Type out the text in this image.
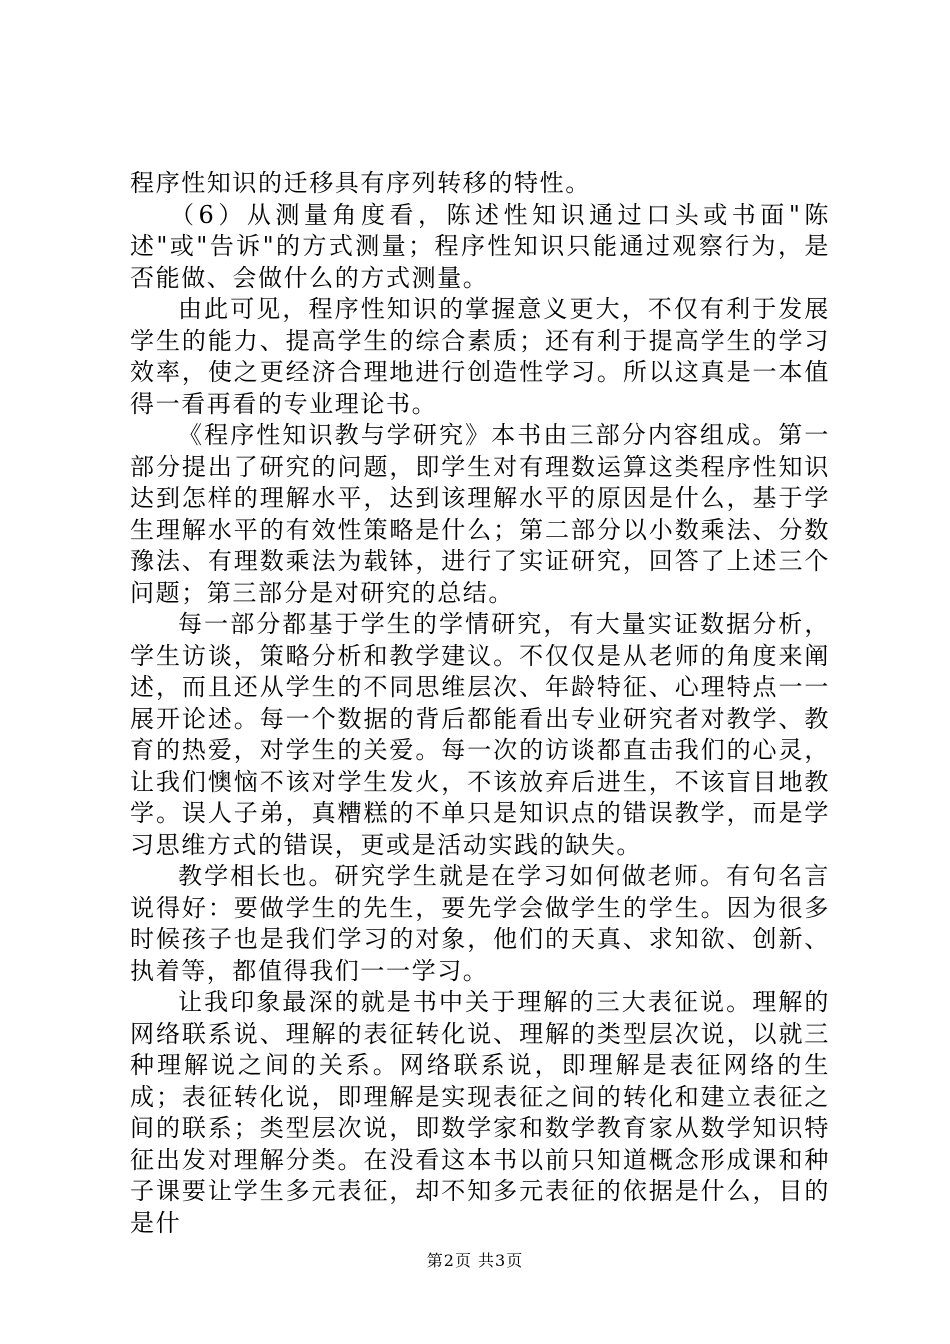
程序性知识的迁移具有序列转移的特性。

（6）从测量角度看，陈述性知识通过口头或书面"陈述"或"告诉"的方式测量；程序性知识只能通过观察行为，是否能做、会做什么的方式测量。

由此可见，程序性知识的掌握意义更大，不仅有利于发展学生的能力、提高学生的综合素质；还有利于提高学生的学习效率，使之更经济合理地进行创造性学习。所以这真是一本值得一看再看的专业理论书。

《程序性知识教与学研究》本书由三部分内容组成。第一部分提出了研究的问题，即学生对有理数运算这类程序性知识达到怎样的理解水平，达到该理解水平的原因是什么，基于学生理解水平的有效性策略是什么；第二部分以小数乘法、分数豫法、有理数乘法为载钵，进行了实证研究，回答了上述三个问题；第三部分是对研究的总结。

每一部分都基于学生的学情研究，有大量实证数据分析，学生访谈，策略分析和教学建议。不仅仅是从老师的角度来阐述，而且还从学生的不同思维层次、年龄特征、心理特点一一展开论述。每一个数据的背后都能看出专业研究者对教学、教育的热爱，对学生的关爱。每一次的访谈都直击我们的心灵，让我们懊恼不该对学生发火，不该放弃后进生，不该盲目地教学。误人子弟，真糟糕的不单只是知识点的错误教学，而是学习思维方式的错误，更或是活动实践的缺失。

教学相长也。研究学生就是在学习如何做老师。有句名言说得好：要做学生的先生，要先学会做学生的学生。因为很多时候孩子也是我们学习的对象，他们的天真、求知欲、创新、执着等，都值得我们一一学习。

让我印象最深的就是书中关于理解的三大表征说。理解的网络联系说、理解的表征转化说、理解的类型层次说，以就三种理解说之间的关系。网络联系说，即理解是表征网络的生成；表征转化说，即理解是实现表征之间的转化和建立表征之间的联系；类型层次说，即数学家和数学教育家从数学知识特征出发对理解分类。在没看这本书以前只知道概念形成课和种子课要让学生多元表征，却不知多元表征的依据是什么，目的是什

第2页 共3页
